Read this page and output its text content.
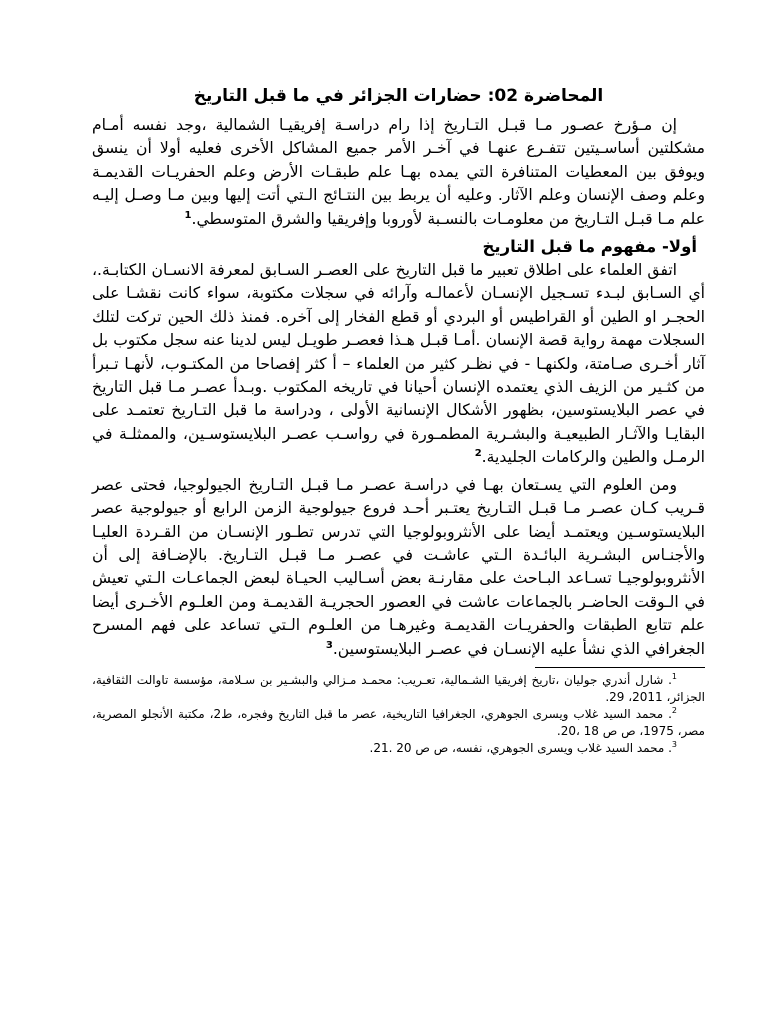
المحاضرة 02: حضارات الجزائر في ما قبل التاريخ

إن مـؤرخ عصـور مـا قبـل التـاريخ إذا رام دراسـة إفريقيـا الشمالية ،وجد نفسه أمـام مشكلتين أساسـيتين تتفـرع عنهـا في آخـر الأمر جميع المشاكل الأخرى فعليه أولا أن ينسق ويوفق بين المعطيات المتنافرة التي يمده بهـا علم طبقـات الأرض وعلم الحفريـات القديمـة وعلم وصف الإنسان وعلم الآثار. وعليه أن يربط بين النتـائج الـتي أتت إليها وبين مـا وصـل إليـه علم مـا قبـل التـاريخ من معلومـات بالنسـبة لأوروبا وإفريقيا والشرق المتوسطي.$^1$

أولا- مفهوم ما قبل التاريخ

اتفق العلماء على اطلاق تعبير ما قبل التاريخ على العصـر السـابق لمعرفة الانسـان الكتابـة.، أي السـابق لبـدء تسـجيل الإنسـان لأعمالـه وآرائه في سجلات مكتوبة، سواء كانت نقشـا على الحجـر او الطين أو القراطيس أو البردي أو قطع الفخار إلى آخره. فمنذ ذلك الحين تركت لتلك السجلات مهمة رواية قصة الإنسان .أمـا قبـل هـذا فعصـر طويـل ليس لدينا عنه سجل مكتوب بل آثار أخـرى صـامتة، ولكنهـا - في نظـر كثير من العلماء – أ كثر إفصاحا من المكتـوب، لأنهـا تـبرأ من كثـير من الزيف الذي يعتمده الإنسان أحيانا في تاريخه المكتوب .وبـدأ عصـر مـا قبل التاريخ في عصر البلايستوسين، بظهور الأشكال الإنسانية الأولى ، ودراسة ما قبل التـاريخ تعتمـد على البقايـا والآثـار الطبيعيـة والبشـرية المطمـورة في رواسـب عصـر البلايستوسـين، والممثلـة في الرمـل والطين والركامات الجليدية.$^2$

ومن العلوم التي يسـتعان بهـا في دراسـة عصـر مـا قبـل التـاريخ الجيولوجيا، فحتى عصر قـريب كـان عصـر مـا قبـل التـاريخ يعتـبر أحـد فروع جيولوجية الزمن الرابع أو جيولوجية عصر البلايستوسـين ويعتمـد أيضا على الأنثروبولوجيا التي تدرس تطـور الإنسـان من القـردة العليـا والأجنـاس البشـرية البائـدة الـتي عاشـت في عصـر مـا قبـل التـاريخ. بالإضـافة إلى أن الأنثروبولوجيـا تسـاعد البـاحث على مقارنـة بعض أسـاليب الحيـاة لبعض الجماعـات الـتي تعيش في الـوقت الحاضـر بالجماعات عاشت في العصور الحجريـة القديمـة ومن العلـوم الأخـرى أيضا علم تتابع الطبقات والحفريـات القديمـة وغيرهـا من العلـوم الـتي تساعد على فهم المسرح الجغرافي الذي نشأ عليه الإنسـان في عصـر البلايستوسين.$^3$

$^1$. شارل أندري جوليان ،تاريخ إفريقيا الشـمالية، تعـريب: محمـد مـزالي والبشـير بن سـلامة، مؤسسة تاوالت الثقافية، الجزائر، 2011، 29.

$^2$. محمد السيد غلاب ويسرى الجوهري، الجغرافيا التاريخية، عصر ما قبل التاريخ وفجره، ط2، مكتبة الأنجلو المصرية، مصر، 1975، ص ص 18 ،20.

$^3$. محمد السيد غلاب ويسرى الجوهري، نفسه، ص ص 20 .21.
